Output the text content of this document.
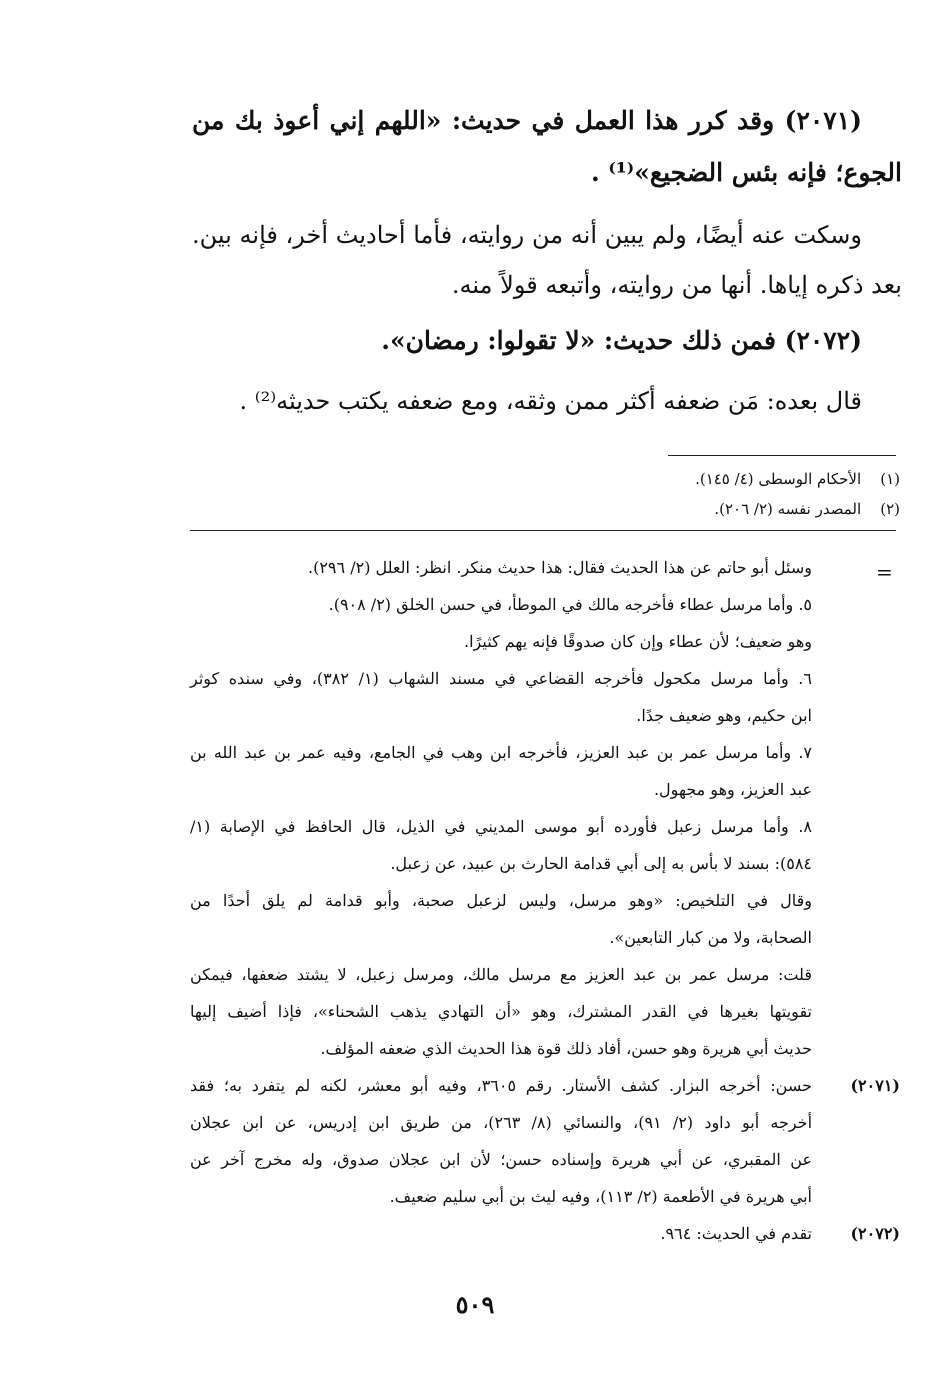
(٢٠٧١) وقد كرر هذا العمل في حديث: «اللهم إني أعوذ بك من
الجوع؛ فإنه بئس الضجيع»⁽¹⁾ .
وسكت عنه أيضًا، ولم يبين أنه من روايته، فأما أحاديث أخر، فإنه بين.
بعد ذكره إياها. أنها من روايته، وأتبعه قولاً منه.
(٢٠٧٢) فمن ذلك حديث: «لا تقولوا: رمضان».
قال بعده: مَن ضعفه أكثر ممن وثقه، ومع ضعفه يكتب حديثه⁽²⁾ .
(١)    الأحكام الوسطى (٤/ ١٤٥).
(٢)    المصدر نفسه (٢/ ٢٠٦).
=
وسئل أبو حاتم عن هذا الحديث فقال: هذا حديث منكر. انظر: العلل (٢/ ٢٩٦).
٥. وأما مرسل عطاء فأخرجه مالك في الموطأ، في حسن الخلق (٢/ ٩٠٨).
وهو ضعيف؛ لأن عطاء وإن كان صدوقًا فإنه يهم كثيرًا.
٦. وأما مرسل مكحول فأخرجه القضاعي في مسند الشهاب (١/ ٣٨٢)، وفي سنده كوثر
ابن حكيم، وهو ضعيف جدًا.
٧. وأما مرسل عمر بن عبد العزيز، فأخرجه ابن وهب في الجامع، وفيه عمر بن عبد الله بن
عبد العزيز، وهو مجهول.
٨. وأما مرسل زعبل فأورده أبو موسى المديني في الذيل، قال الحافظ في الإصابة (١/
٥٨٤): بسند لا بأس به إلى أبي قدامة الحارث بن عبيد، عن زعبل.
وقال في التلخيص: «وهو مرسل، وليس لزعبل صحبة، وأبو قدامة لم يلق أحدًا من
الصحابة، ولا من كبار التابعين».
قلت: مرسل عمر بن عبد العزيز مع مرسل مالك، ومرسل زعبل، لا يشتد ضعفها، فيمكن
تقويتها بغيرها في القدر المشترك، وهو «أن التهادي يذهب الشحناء»، فإذا أضيف إليها
حديث أبي هريرة وهو حسن، أفاد ذلك قوة هذا الحديث الذي ضعفه المؤلف.
(٢٠٧١)
حسن: أخرجه البزار. كشف الأستار. رقم ٣٦٠٥، وفيه أبو معشر، لكنه لم يتفرد به؛ فقد
أخرجه أبو داود (٢/ ٩١)، والنسائي (٨/ ٢٦٣)، من طريق ابن إدريس، عن ابن عجلان
عن المقبري، عن أبي هريرة وإسناده حسن؛ لأن ابن عجلان صدوق، وله مخرج آخر عن
أبي هريرة في الأطعمة (٢/ ١١٣)، وفيه ليث بن أبي سليم ضعيف.
(٢٠٧٢)
تقدم في الحديث: ٩٦٤.
٥٠٩
